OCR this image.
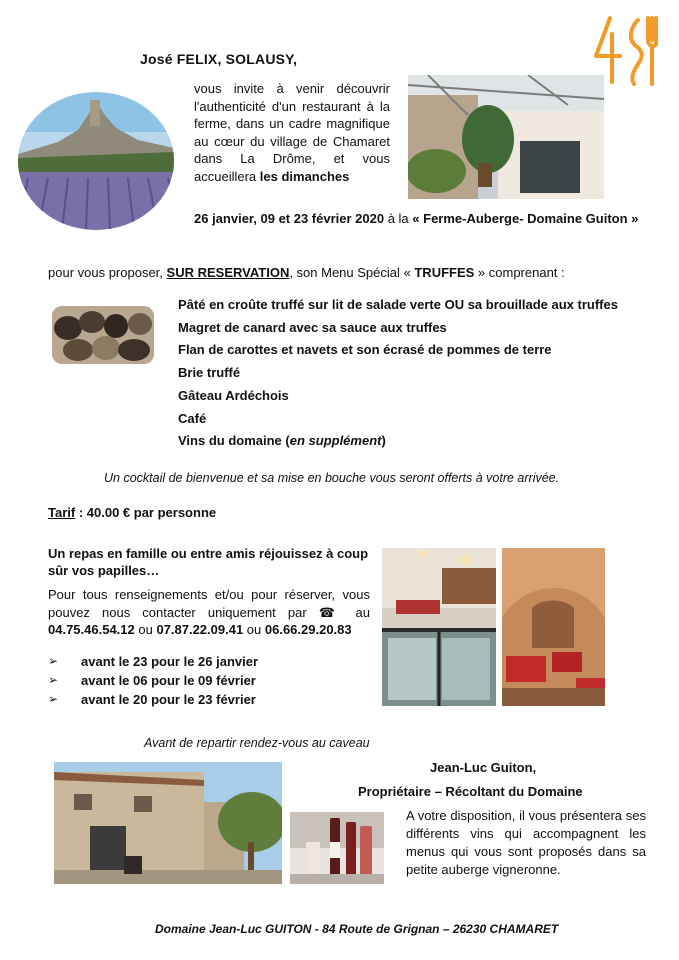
José FELIX, SOLAUSY,
vous invite à venir découvrir
l'authenticité d'un restaurant à la
ferme, dans un cadre magnifique
au cœur du village de Chamaret
dans La Drôme, et vous
accueillera les dimanches
26 janvier, 09 et 23 février 2020 à la « Ferme-Auberge- Domaine Guiton »
pour vous proposer, SUR RESERVATION, son Menu Spécial « TRUFFES » comprenant :
Pâté en croûte truffé sur lit de salade verte OU sa brouillade aux truffes
Magret de canard avec sa sauce aux truffes
Flan de carottes et navets et son écrasé de pommes de terre
Brie truffé
Gâteau Ardéchois
Café
Vins du domaine (en supplément)
Un cocktail de bienvenue et sa mise en bouche vous seront offerts à votre arrivée.
Tarif : 40.00 € par personne
Un repas en famille ou entre amis réjouissez à coup sûr vos papilles…
Pour tous renseignements et/ou pour réserver, vous
pouvez nous contacter uniquement par ☎ au
04.75.46.54.12 ou 07.87.22.09.41 ou 06.66.29.20.83
➢	avant le 23 pour le 26 janvier
➢	avant le 06 pour le 09 février
➢	avant le 20 pour le 23 février
Avant de repartir rendez-vous au caveau
Jean-Luc Guiton,
Propriétaire – Récoltant du Domaine
A votre disposition, il vous présentera ses
différents vins qui accompagnent les
menus qui vous sont proposés dans sa
petite auberge vigneronne.
Domaine Jean-Luc GUITON - 84 Route de Grignan – 26230 CHAMARET
